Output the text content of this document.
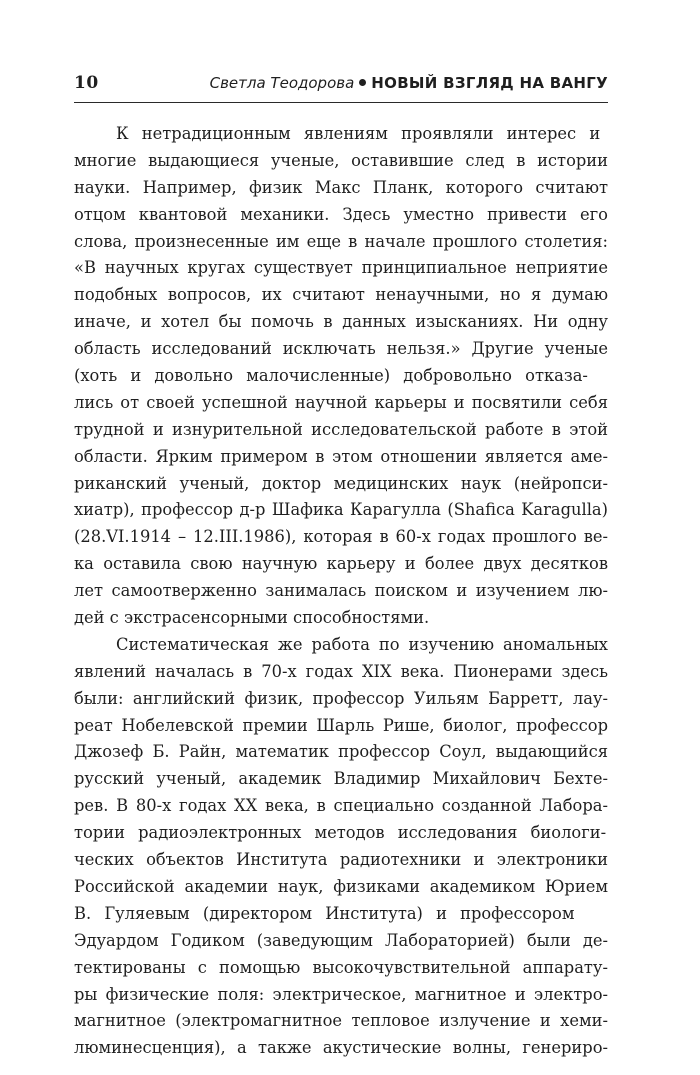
10	Светла Теодорова НОВЫЙ ВЗГЛЯД НА ВАНГУ
К нетрадиционным явлениям проявляли интерес и
многие выдающиеся ученые, оставившие след в истории
науки. Например, физик Макс Планк, которого считают
отцом квантовой механики. Здесь уместно привести его
слова, произнесенные им еще в начале прошлого столетия:
«В научных кругах существует принципиальное неприятие
подобных вопросов, их считают ненаучными, но я думаю
иначе, и хотел бы помочь в данных изысканиях. Ни одну
область исследований исключать нельзя.» Другие ученые
(хоть и довольно малочисленные) добровольно отказа-
лись от своей успешной научной карьеры и посвятили себя
трудной и изнурительной исследовательской работе в этой
области. Ярким примером в этом отношении является аме-
риканский ученый, доктор медицинских наук (нейропси-
хиатр), профессор д-р Шафика Карагулла (Shafica Karagulla)
(28.VI.1914 – 12.III.1986), которая в 60-х годах прошлого ве-
ка оставила свою научную карьеру и более двух десятков
лет самоотверженно занималась поиском и изучением лю-
дей с экстрасенсорными способностями.
Систематическая же работа по изучению аномальных
явлений началась в 70-х годах XIX века. Пионерами здесь
были: английский физик, профессор Уильям Барретт, лау-
реат Нобелевской премии Шарль Рише, биолог, профессор
Джозеф Б. Райн, математик профессор Соул, выдающийся
русский ученый, академик Владимир Михайлович Бехте-
рев. В 80-х годах XX века, в специально созданной Лабора-
тории радиоэлектронных методов исследования биологи-
ческих объектов Института радиотехники и электроники
Российской академии наук, физиками академиком Юрием
В. Гуляевым (директором Института) и профессором
Эдуардом Годиком (заведующим Лабораторией) были де-
тектированы с помощью высокочувствительной аппарату-
ры физические поля: электрическое, магнитное и электро-
магнитное (электромагнитное тепловое излучение и хеми-
люминесценция), а также акустические волны, генериро-
